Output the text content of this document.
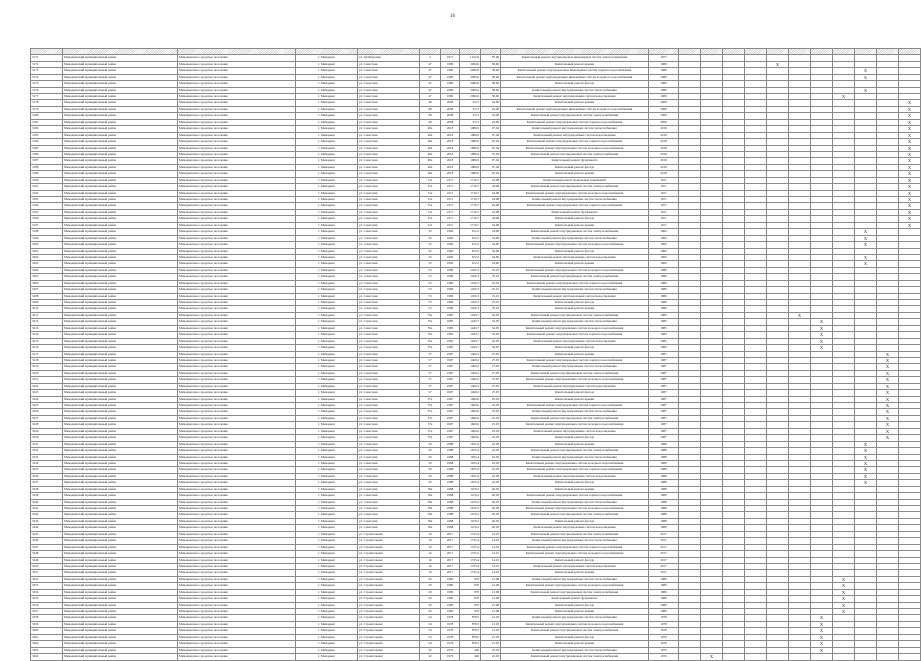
16

3171	Мамадышский муниципальный район	Мамадышское городское поселение	г. Мамадыш	ул. Октябрьская	5	1971	1 012,9	87,06	Капитальный ремонт внутридомовых инженерных систем электроснабжения	1977											
3172	Мамадышский муниципальный район	Мамадышское городское поселение	г. Мамадыш	ул. Советская	47	1980	2090,6	58,60	Капитальный ремонт крыши	1980					X						
3173	Мамадышский муниципальный район	Мамадышское городское поселение	г. Мамадыш	ул. Советская	47	1980	2090,6	58,60	Капитальный ремонт внутридомовых инженерных систем горячего водоснабжения	1980									X		
3174	Мамадышский муниципальный район	Мамадышское городское поселение	г. Мамадыш	ул. Советская	47	1980	2090,6	58,60	Капитальный ремонт внутридомовых инженерных систем холодного водоснабжения	1980									X		
3175	Мамадышский муниципальный район	Мамадышское городское поселение	г. Мамадыш	ул. Советская	47	1980	2090,6	58,60	Капитальный ремонт фасада	1980											
3176	Мамадышский муниципальный район	Мамадышское городское поселение	г. Мамадыш	ул. Советская	47	1980	2090,6	58,60	Капитальный ремонт внутридомовых систем теплоснабжения	1980									X		
3177	Мамадышский муниципальный район	Мамадышское городское поселение	г. Мамадыш	ул. Советская	47	1980	2090,6	58,60	Капитальный ремонт внутридомовых систем водоотведения	1980								X			
3178	Мамадышский муниципальный район	Мамадышское городское поселение	г. Мамадыш	ул. Советская	48	2008	2571	24,00	Капитальный ремонт крыши	2008											X
3179	Мамадышский муниципальный район	Мамадышское городское поселение	г. Мамадыш	ул. Советская	48	2008	2571	24,00	Капитальный ремонт внутридомовых инженерных систем холодного водоснабжения	2008											X
3180	Мамадышский муниципальный район	Мамадышское городское поселение	г. Мамадыш	ул. Советская	48	2008	2571	24,00	Капитальный ремонт внутридомовых систем электроснабжения	2008											X
3181	Мамадышский муниципальный район	Мамадышское городское поселение	г. Мамадыш	ул. Советская	48	2008	2571	24,00	Капитальный ремонт внутридомовых систем горячего водоснабжения	2008											X
3182	Мамадышский муниципальный район	Мамадышское городское поселение	г. Мамадыш	ул. Советская	49а	2018	1986,9	07,04	Капитальный ремонт внутридомовых систем теплоснабжения	2018											X
3183	Мамадышский муниципальный район	Мамадышское городское поселение	г. Мамадыш	ул. Советская	49а	2018	1986,9	07,04	Капитальный ремонт внутридомовых систем водоотведения	2018											X
3184	Мамадышский муниципальный район	Мамадышское городское поселение	г. Мамадыш	ул. Советская	49а	2018	1986,9	07,04	Капитальный ремонт внутридомовых систем горячего водоснабжения	2018											X
3185	Мамадышский муниципальный район	Мамадышское городское поселение	г. Мамадыш	ул. Советская	49а	2018	1986,9	07,04	Капитальный ремонт внутридомовых систем холодного водоснабжения	2018											X
3186	Мамадышский муниципальный район	Мамадышское городское поселение	г. Мамадыш	ул. Советская	49а	2018	1986,9	07,04	Капитальный ремонт внутридомовых систем электроснабжения	2018											X
3187	Мамадышский муниципальный район	Мамадышское городское поселение	г. Мамадыш	ул. Советская	49а	2018	1986,9	07,04	Капитальный ремонт фундамента	2018											X
3188	Мамадышский муниципальный район	Мамадышское городское поселение	г. Мамадыш	ул. Советская	49а	2018	1986,9	07,04	Капитальный ремонт фасада	2018											X
3189	Мамадышский муниципальный район	Мамадышское городское поселение	г. Мамадыш	ул. Советская	49а	2018	1986,9	07,04	Капитальный ремонт крыши	2018											X
3190	Мамадышский муниципальный район	Мамадышское городское поселение	г. Мамадыш	ул. Советская	51а	1971	1710,7	24,08	Капитальный ремонт подвальных помещений	1971											X
3191	Мамадышский муниципальный район	Мамадышское городское поселение	г. Мамадыш	ул. Советская	51а	1971	1710,7	24,08	Капитальный ремонт внутридомовых систем электроснабжения	1971											X
3192	Мамадышский муниципальный район	Мамадышское городское поселение	г. Мамадыш	ул. Советская	51а	1971	1710,7	24,08	Капитальный ремонт внутридомовых систем холодного водоснабжения	1971											X
3193	Мамадышский муниципальный район	Мамадышское городское поселение	г. Мамадыш	ул. Советская	51а	1971	1710,7	24,08	Капитальный ремонт внутридомовых систем теплоснабжения	1971											X
3194	Мамадышский муниципальный район	Мамадышское городское поселение	г. Мамадыш	ул. Советская	51а	1971	1710,7	24,08	Капитальный ремонт внутридомовых систем горячего водоснабжения	1971											X
3195	Мамадышский муниципальный район	Мамадышское городское поселение	г. Мамадыш	ул. Советская	51а	1971	1710,7	24,08	Капитальный ремонт фундамента	1971											X
3196	Мамадышский муниципальный район	Мамадышское городское поселение	г. Мамадыш	ул. Советская	51а	1971	1710,7	24,08	Капитальный ремонт фасада	1971											X
3197	Мамадышский муниципальный район	Мамадышское городское поселение	г. Мамадыш	ул. Советская	51а	1971	1710,7	24,08	Капитальный ремонт крыши	1971											X
3198	Мамадышский муниципальный район	Мамадышское городское поселение	г. Мамадыш	ул. Советская	52	1960	672,2	54,90	Капитальный ремонт внутридомовых систем электроснабжения	1960									X		
3199	Мамадышский муниципальный район	Мамадышское городское поселение	г. Мамадыш	ул. Советская	52	1960	672,2	54,90	Капитальный ремонт внутридомовых систем теплоснабжения	1960									X		
3200	Мамадышский муниципальный район	Мамадышское городское поселение	г. Мамадыш	ул. Советская	52	1960	672,2	54,90	Капитальный ремонт внутридомовых систем холодного водоснабжения	1960									X		
3201	Мамадышский муниципальный район	Мамадышское городское поселение	г. Мамадыш	ул. Советская	52	1960	672,2	54,90	Капитальный ремонт фасада	1960											
3202	Мамадышский муниципальный район	Мамадышское городское поселение	г. Мамадыш	ул. Советская	52	1960	672,2	54,90	Капитальный ремонт внутридомовых систем водоотведения	1960									X		
3203	Мамадышский муниципальный район	Мамадышское городское поселение	г. Мамадыш	ул. Советская	52	1960	672,2	54,90	Капитальный ремонт крыши	1960									X		
3204	Мамадышский муниципальный район	Мамадышское городское поселение	г. Мамадыш	ул. Советская	53	1986	1450,3	25,01	Капитальный ремонт внутридомовых систем холодного водоснабжения	1986											
3205	Мамадышский муниципальный район	Мамадышское городское поселение	г. Мамадыш	ул. Советская	53	1986	1450,3	25,01	Капитальный ремонт внутридомовых систем электроснабжения	1986											
3206	Мамадышский муниципальный район	Мамадышское городское поселение	г. Мамадыш	ул. Советская	53	1986	1450,3	25,01	Капитальный ремонт внутридомовых систем горячего водоснабжения	1986											
3207	Мамадышский муниципальный район	Мамадышское городское поселение	г. Мамадыш	ул. Советская	53	1986	1450,3	25,01	Капитальный ремонт внутридомовых систем теплоснабжения	1986											
3208	Мамадышский муниципальный район	Мамадышское городское поселение	г. Мамадыш	ул. Советская	53	1986	1450,3	25,01	Капитальный ремонт внутридомовых систем водоотведения	1986											
3209	Мамадышский муниципальный район	Мамадышское городское поселение	г. Мамадыш	ул. Советская	53	1986	1450,3	25,01	Капитальный ремонт фасада	1986											
3210	Мамадышский муниципальный район	Мамадышское городское поселение	г. Мамадыш	ул. Советская	53	1986	1450,3	25,01	Капитальный ремонт крыши	1986											
3211	Мамадышский муниципальный район	Мамадышское городское поселение	г. Мамадыш	ул. Советская	55а	1985	1443,7	32,05	Капитальный ремонт внутридомовых систем электроснабжения	1985						X					
3212	Мамадышский муниципальный район	Мамадышское городское поселение	г. Мамадыш	ул. Советская	55а	1985	1443,7	32,05	Капитальный ремонт внутридомовых систем теплоснабжения	1985							X				
3213	Мамадышский муниципальный район	Мамадышское городское поселение	г. Мамадыш	ул. Советская	55а	1985	1443,7	32,05	Капитальный ремонт внутридомовых систем холодного водоснабжения	1985							X				
3214	Мамадышский муниципальный район	Мамадышское городское поселение	г. Мамадыш	ул. Советская	55а	1985	1443,7	32,05	Капитальный ремонт внутридомовых систем горячего водоснабжения	1985							X				
3215	Мамадышский муниципальный район	Мамадышское городское поселение	г. Мамадыш	ул. Советская	55а	1985	1443,7	32,05	Капитальный ремонт внутридомовых систем водоотведения	1985							X				
3216	Мамадышский муниципальный район	Мамадышское городское поселение	г. Мамадыш	ул. Советская	55а	1985	1443,7	32,05	Капитальный ремонт фасада	1985							X				
3217	Мамадышский муниципальный район	Мамадышское городское поселение	г. Мамадыш	ул. Советская	57	1987	1460,2	27,05	Капитальный ремонт крыши	1987										X	
3218	Мамадышский муниципальный район	Мамадышское городское поселение	г. Мамадыш	ул. Советская	57	1987	1460,2	27,05	Капитальный ремонт внутридомовых систем горячего водоснабжения	1987										X	
3219	Мамадышский муниципальный район	Мамадышское городское поселение	г. Мамадыш	ул. Советская	57	1987	1460,2	27,05	Капитальный ремонт внутридомовых систем теплоснабжения	1987										X	
3220	Мамадышский муниципальный район	Мамадышское городское поселение	г. Мамадыш	ул. Советская	57	1987	1460,2	27,05	Капитальный ремонт внутридомовых систем электроснабжения	1987										X	
3221	Мамадышский муниципальный район	Мамадышское городское поселение	г. Мамадыш	ул. Советская	57	1987	1460,2	27,05	Капитальный ремонт внутридомовых систем холодного водоснабжения	1987										X	
3222	Мамадышский муниципальный район	Мамадышское городское поселение	г. Мамадыш	ул. Советская	57	1987	1460,2	27,05	Капитальный ремонт внутридомовых систем водоотведения	1987										X	
3223	Мамадышский муниципальный район	Мамадышское городское поселение	г. Мамадыш	ул. Советская	57	1987	1460,2	27,05	Капитальный ремонт фасада	1987										X	
3224	Мамадышский муниципальный район	Мамадышское городское поселение	г. Мамадыш	ул. Советская	57а	1987	1660,6	25,03	Капитальный ремонт крыши	1987										X	
3225	Мамадышский муниципальный район	Мамадышское городское поселение	г. Мамадыш	ул. Советская	57а	1987	1660,6	25,03	Капитальный ремонт внутридомовых систем горячего водоснабжения	1987										X	
3226	Мамадышский муниципальный район	Мамадышское городское поселение	г. Мамадыш	ул. Советская	57а	1987	1660,6	25,03	Капитальный ремонт внутридомовых систем теплоснабжения	1987										X	
3227	Мамадышский муниципальный район	Мамадышское городское поселение	г. Мамадыш	ул. Советская	57а	1987	1660,6	25,03	Капитальный ремонт внутридомовых систем электроснабжения	1987										X	
3228	Мамадышский муниципальный район	Мамадышское городское поселение	г. Мамадыш	ул. Советская	57а	1987	1660,6	25,03	Капитальный ремонт внутридомовых систем холодного водоснабжения	1987										X	
3229	Мамадышский муниципальный район	Мамадышское городское поселение	г. Мамадыш	ул. Советская	57а	1987	1660,6	25,03	Капитальный ремонт внутридомовых систем водоотведения	1987										X	
3230	Мамадышский муниципальный район	Мамадышское городское поселение	г. Мамадыш	ул. Советская	57а	1987	1660,6	25,03	Капитальный ремонт фасада	1987										X	
3231	Мамадышский муниципальный район	Мамадышское городское поселение	г. Мамадыш	ул. Советская	59	1988	1655,4	22,03	Капитальный ремонт крыши	1988									X		
3232	Мамадышский муниципальный район	Мамадышское городское поселение	г. Мамадыш	ул. Советская	59	1988	1655,4	22,03	Капитальный ремонт внутридомовых систем электроснабжения	1988									X		
3233	Мамадышский муниципальный район	Мамадышское городское поселение	г. Мамадыш	ул. Советская	59	1988	1655,4	22,03	Капитальный ремонт внутридомовых систем теплоснабжения	1988									X		
3234	Мамадышский муниципальный район	Мамадышское городское поселение	г. Мамадыш	ул. Советская	59	1988	1655,4	22,03	Капитальный ремонт внутридомовых систем холодного водоснабжения	1988									X		
3235	Мамадышский муниципальный район	Мамадышское городское поселение	г. Мамадыш	ул. Советская	59	1988	1655,4	22,03	Капитальный ремонт внутридомовых систем горячего водоснабжения	1988									X		
3236	Мамадышский муниципальный район	Мамадышское городское поселение	г. Мамадыш	ул. Советская	59	1988	1655,4	22,03	Капитальный ремонт внутридомовых систем водоотведения	1988									X		
3237	Мамадышский муниципальный район	Мамадышское городское поселение	г. Мамадыш	ул. Советская	59	1988	1655,4	22,03	Капитальный ремонт фасада	1988									X		
3238	Мамадышский муниципальный район	Мамадышское городское поселение	г. Мамадыш	ул. Советская	59а	1988	1470,2	20,03	Капитальный ремонт крыши	1988											
3239	Мамадышский муниципальный район	Мамадышское городское поселение	г. Мамадыш	ул. Советская	59а	1988	1470,2	20,03	Капитальный ремонт внутридомовых систем горячего водоснабжения	1988											
3240	Мамадышский муниципальный район	Мамадышское городское поселение	г. Мамадыш	ул. Советская	59а	1988	1470,2	20,03	Капитальный ремонт внутридомовых систем теплоснабжения	1988											
3241	Мамадышский муниципальный район	Мамадышское городское поселение	г. Мамадыш	ул. Советская	59а	1988	1470,2	20,03	Капитальный ремонт внутридомовых систем холодного водоснабжения	1988											
3242	Мамадышский муниципальный район	Мамадышское городское поселение	г. Мамадыш	ул. Советская	59а	1988	1470,2	20,03	Капитальный ремонт внутридомовых систем электроснабжения	1988											
3243	Мамадышский муниципальный район	Мамадышское городское поселение	г. Мамадыш	ул. Советская	59а	1988	1470,2	20,03	Капитальный ремонт фасада	1988											
3244	Мамадышский муниципальный район	Мамадышское городское поселение	г. Мамадыш	ул. Советская	59а	1988	1470,2	20,03	Капитальный ремонт внутридомовых систем водоотведения	1988											
3245	Мамадышский муниципальный район	Мамадышское городское поселение	г. Мамадыш	ул. Строительная	16	2017	1725,4	14,01	Капитальный ремонт внутридомовых систем электроснабжения	2017											
3246	Мамадышский муниципальный район	Мамадышское городское поселение	г. Мамадыш	ул. Строительная	16	2017	1725,4	14,01	Капитальный ремонт внутридомовых систем теплоснабжения	2017											
3247	Мамадышский муниципальный район	Мамадышское городское поселение	г. Мамадыш	ул. Строительная	16	2017	1725,4	14,01	Капитальный ремонт внутридомовых систем горячего водоснабжения	2017											
3248	Мамадышский муниципальный район	Мамадышское городское поселение	г. Мамадыш	ул. Строительная	16	2017	1725,4	14,01	Капитальный ремонт внутридомовых систем холодного водоснабжения	2017											
3249	Мамадышский муниципальный район	Мамадышское городское поселение	г. Мамадыш	ул. Строительная	16	2017	1725,4	14,01	Капитальный ремонт фасада	2017											
3250	Мамадышский муниципальный район	Мамадышское городское поселение	г. Мамадыш	ул. Строительная	16	2017	1725,4	14,01	Капитальный ремонт внутридомовых систем водоотведения	2017											
3251	Мамадышский муниципальный район	Мамадышское городское поселение	г. Мамадыш	ул. Строительная	16	2017	1725,4	14,01	Капитальный ремонт крыши	2017											
3252	Мамадышский муниципальный район	Мамадышское городское поселение	г. Мамадыш	ул. Строительная	20	1980	870	21,08	Капитальный ремонт внутридомовых систем теплоснабжения	1980								X			
3253	Мамадышский муниципальный район	Мамадышское городское поселение	г. Мамадыш	ул. Строительная	20	1980	870	21,08	Капитальный ремонт внутридомовых систем холодного водоснабжения	1980								X			
3254	Мамадышский муниципальный район	Мамадышское городское поселение	г. Мамадыш	ул. Строительная	20	1980	870	21,08	Капитальный ремонт внутридомовых систем электроснабжения	1980								X			
3255	Мамадышский муниципальный район	Мамадышское городское поселение	г. Мамадыш	ул. Строительная	20	1980	870	21,08	Капитальный ремонт фундамента	1980								X			
3256	Мамадышский муниципальный район	Мамадышское городское поселение	г. Мамадыш	ул. Строительная	20	1980	870	21,08	Капитальный ремонт фасада	1980								X			
3257	Мамадышский муниципальный район	Мамадышское городское поселение	г. Мамадыш	ул. Строительная	20	1980	870	21,08	Капитальный ремонт крыши	1980								X			
3258	Мамадышский муниципальный район	Мамадышское городское поселение	г. Мамадыш	ул. Строительная	24	1978	878,5	21,03	Капитальный ремонт внутридомовых систем теплоснабжения	1978							X				
3259	Мамадышский муниципальный район	Мамадышское городское поселение	г. Мамадыш	ул. Строительная	24	1978	878,5	21,03	Капитальный ремонт внутридомовых систем холодного водоснабжения	1978							X				
3260	Мамадышский муниципальный район	Мамадышское городское поселение	г. Мамадыш	ул. Строительная	24	1978	878,5	21,03	Капитальный ремонт внутридомовых систем электроснабжения	1978							X				
3261	Мамадышский муниципальный район	Мамадышское городское поселение	г. Мамадыш	ул. Строительная	24	1978	878,5	21,03	Капитальный ремонт фасада	1978							X				
3262	Мамадышский муниципальный район	Мамадышское городское поселение	г. Мамадыш	ул. Строительная	24	1978	878,5	21,03	Капитальный ремонт крыши	1978							X				
3263	Мамадышский муниципальный район	Мамадышское городское поселение	г. Мамадыш	ул. Строительная	32	1976	440	22,03	Капитальный ремонт внутридомовых систем теплоснабжения	1976							X				
3264	Мамадышский муниципальный район	Мамадышское городское поселение	г. Мамадыш	ул. Строительная	32	1976	440	22,03	Капитальный ремонт внутридомовых систем электроснабжения	1976		X									
